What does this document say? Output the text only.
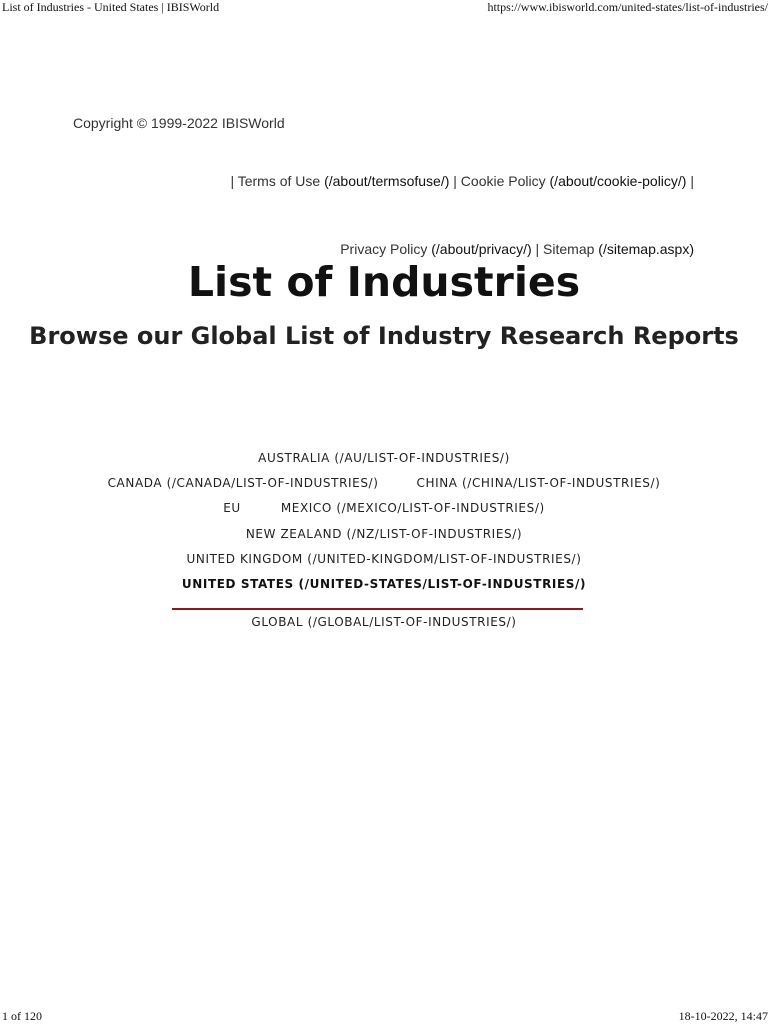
List of Industries - United States | IBISWorld	https://www.ibisworld.com/united-states/list-of-industries/
Copyright © 1999-2022 IBISWorld
| Terms of Use (/about/termsofuse/) | Cookie Policy (/about/cookie-policy/) |
Privacy Policy (/about/privacy/) | Sitemap (/sitemap.aspx)
List of Industries
Browse our Global List of Industry Research Reports
AUSTRALIA (/AU/LIST-OF-INDUSTRIES/)
CANADA (/CANADA/LIST-OF-INDUSTRIES/)	CHINA (/CHINA/LIST-OF-INDUSTRIES/)
EU	MEXICO (/MEXICO/LIST-OF-INDUSTRIES/)
NEW ZEALAND (/NZ/LIST-OF-INDUSTRIES/)
UNITED KINGDOM (/UNITED-KINGDOM/LIST-OF-INDUSTRIES/)
UNITED STATES (/UNITED-STATES/LIST-OF-INDUSTRIES/)
GLOBAL (/GLOBAL/LIST-OF-INDUSTRIES/)
1 of 120	18-10-2022, 14:47
